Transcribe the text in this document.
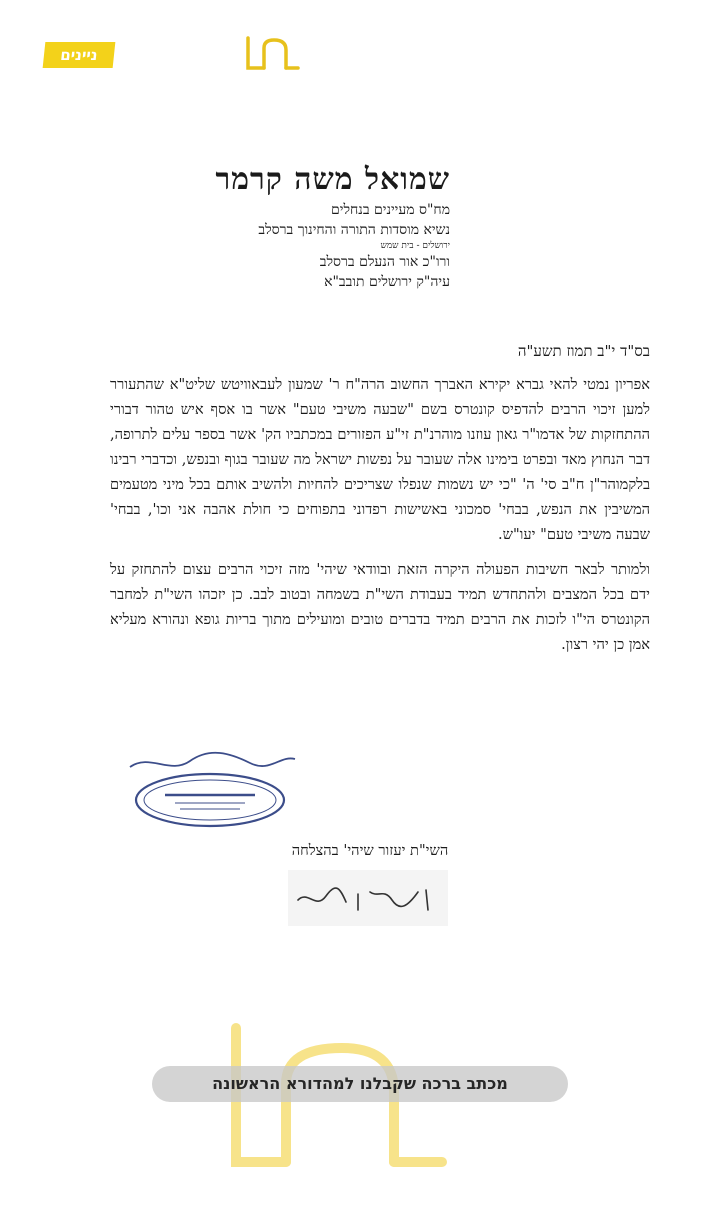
ניינים
שמואל משה קרמר
מח"ס מעיינים בנחלים
נשיא מוסדות התורה והחינוך ברסלב
ירושלים - בית שמש
ורו"כ אור הנעלם ברסלב
עיה"ק ירושלים תובב"א
בס"ד י"ב תמוז תשע"ה

אפריון נמטי להאי גברא יקירא האברך החשוב הרה"ח ר' שמעון לעבאוויטש שליט"א שהתעורר למען זיכוי הרבים להדפיס קונטרס בשם "שבעה משיבי טעם" אשר בו אסף איש טהור דבורי ההתחזקות של אדמו"ר גאון עוזנו מוהרנ"ת זי"ע הפזורים במכתביו הק' אשר בספר עלים לתרופה, דבר הנחוץ מאד ובפרט בימינו אלה שעובר על נפשות ישראל מה שעובר בגוף ובנפש, וכדברי רבינו בלקמוהר"ן ח"ב סי' ה' "כי יש נשמות שנפלו שצריכים להחיות ולהשיב אותם בכל מיני מטעמים המשיבין את הנפש, בבחי' סמכוני באשישות רפדוני בתפוחים כי חולת אהבה אני וכו', בבחי' שבעה משיבי טעם" יעו"ש.

ולמותר לבאר חשיבות הפעולה היקרה הזאת ובוודאי שיהי' מזה זיכוי הרבים עצום להתחזק על ידם בכל המצבים ולהתחדש תמיד בעבודת השי"ת בשמחה ובטוב לבב. כן יזכהו השי"ת למחבר הקונטרס הי"ו לזכות את הרבים תמיד בדברים טובים ומועילים מתוך בריות גופא ונהורא מעליא אמן כן יהי רצון.

השי"ת יעזור שיהי' בהצלחה
מכתב ברכה שקבלנו למהדורא הראשונה
